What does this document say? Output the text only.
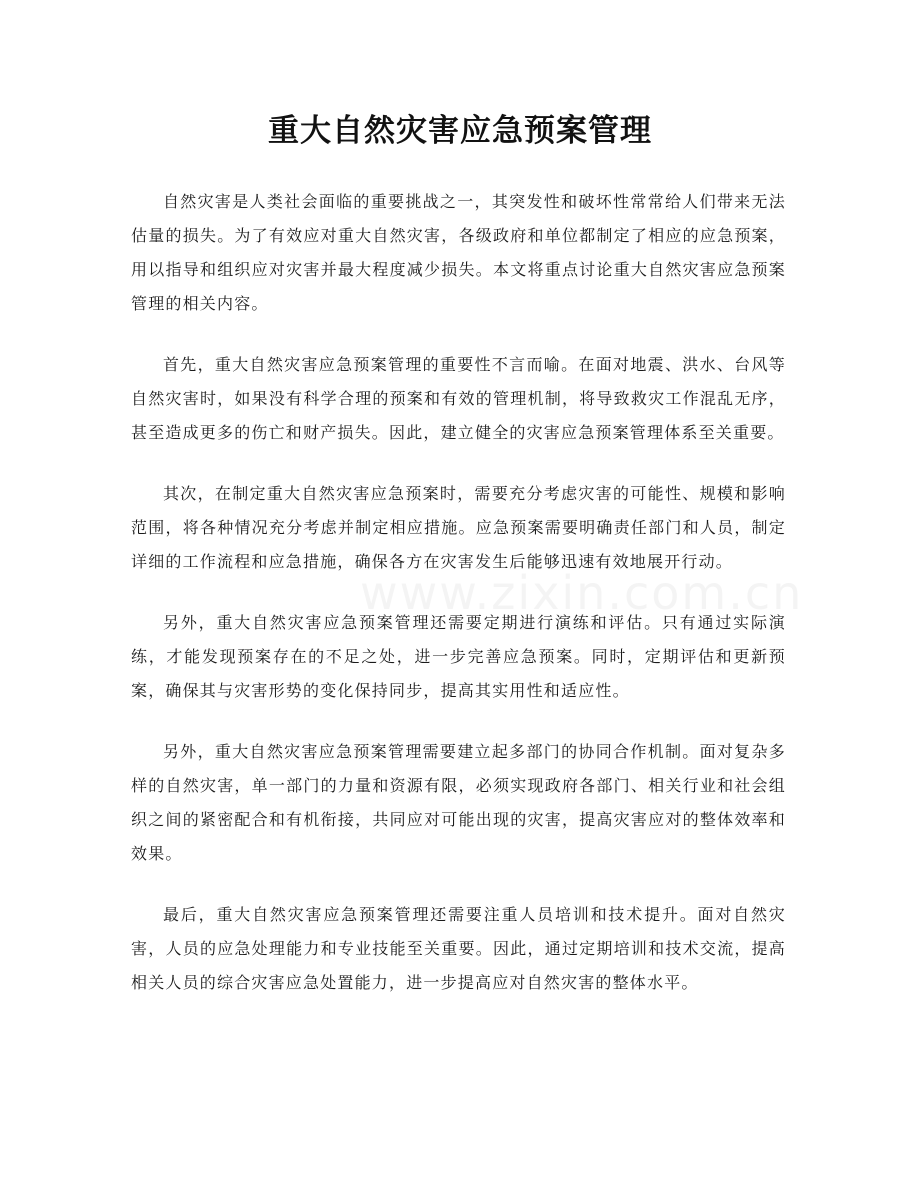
重大自然灾害应急预案管理

自然灾害是人类社会面临的重要挑战之一，其突发性和破坏性常常给人们带来无法估量的损失。为了有效应对重大自然灾害，各级政府和单位都制定了相应的应急预案，用以指导和组织应对灾害并最大程度减少损失。本文将重点讨论重大自然灾害应急预案管理的相关内容。

首先，重大自然灾害应急预案管理的重要性不言而喻。在面对地震、洪水、台风等自然灾害时，如果没有科学合理的预案和有效的管理机制，将导致救灾工作混乱无序，甚至造成更多的伤亡和财产损失。因此，建立健全的灾害应急预案管理体系至关重要。

其次，在制定重大自然灾害应急预案时，需要充分考虑灾害的可能性、规模和影响范围，将各种情况充分考虑并制定相应措施。应急预案需要明确责任部门和人员，制定详细的工作流程和应急措施，确保各方在灾害发生后能够迅速有效地展开行动。

另外，重大自然灾害应急预案管理还需要定期进行演练和评估。只有通过实际演练，才能发现预案存在的不足之处，进一步完善应急预案。同时，定期评估和更新预案，确保其与灾害形势的变化保持同步，提高其实用性和适应性。

另外，重大自然灾害应急预案管理需要建立起多部门的协同合作机制。面对复杂多样的自然灾害，单一部门的力量和资源有限，必须实现政府各部门、相关行业和社会组织之间的紧密配合和有机衔接，共同应对可能出现的灾害，提高灾害应对的整体效率和效果。

最后，重大自然灾害应急预案管理还需要注重人员培训和技术提升。面对自然灾害，人员的应急处理能力和专业技能至关重要。因此，通过定期培训和技术交流，提高相关人员的综合灾害应急处置能力，进一步提高应对自然灾害的整体水平。

www.zixin.com.cn
